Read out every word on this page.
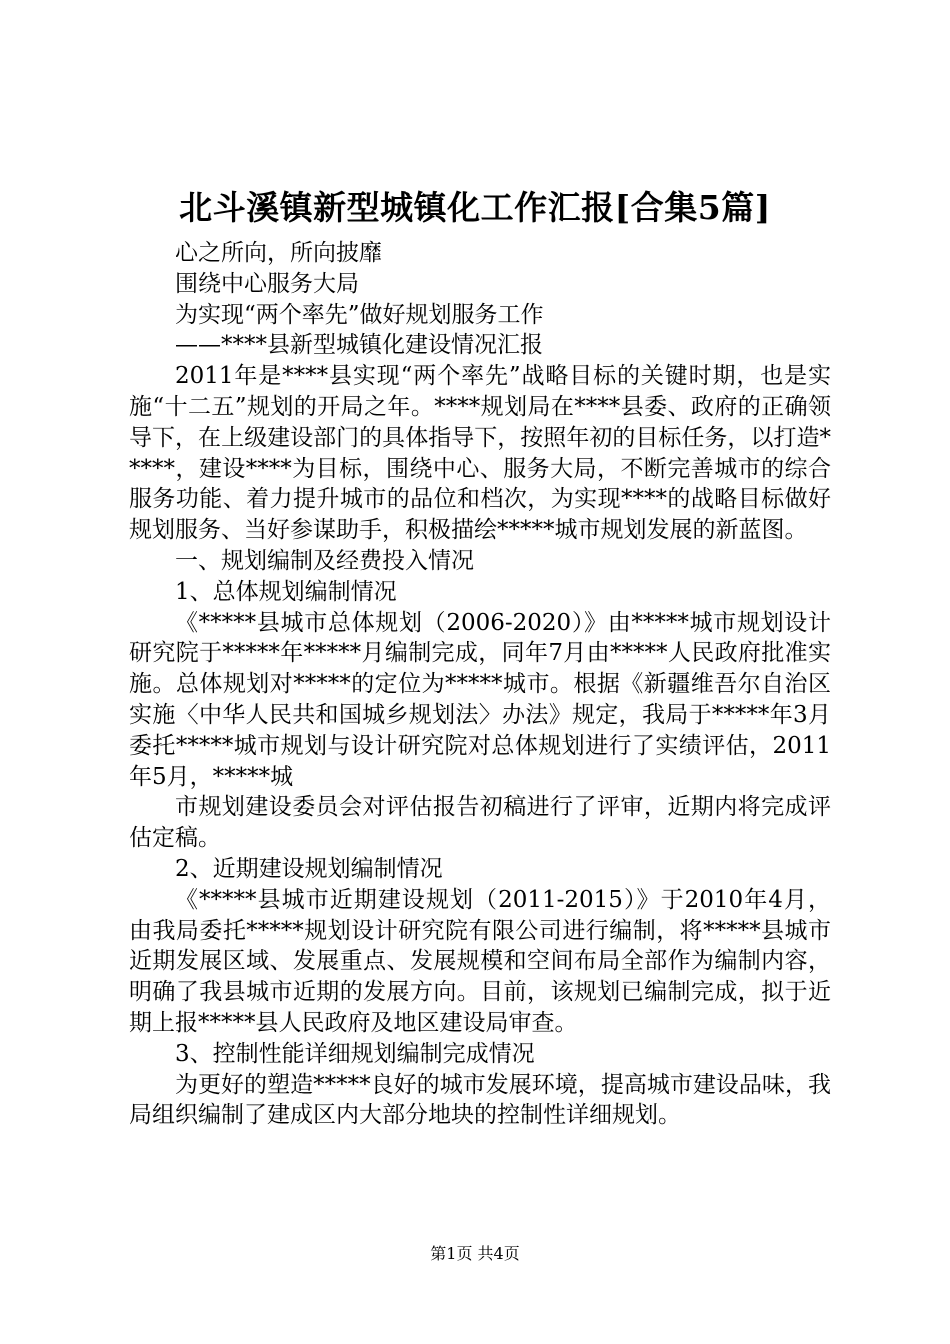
北斗溪镇新型城镇化工作汇报[合集5篇]

心之所向，所向披靡

围绕中心服务大局

为实现“两个率先”做好规划服务工作

——****县新型城镇化建设情况汇报

2011年是****县实现“两个率先”战略目标的关键时期，也是实施“十二五”规划的开局之年。****规划局在****县委、政府的正确领导下，在上级建设部门的具体指导下，按照年初的目标任务，以打造*****，建设****为目标，围绕中心、服务大局，不断完善城市的综合服务功能、着力提升城市的品位和档次，为实现****的战略目标做好规划服务、当好参谋助手，积极描绘*****城市规划发展的新蓝图。

一、规划编制及经费投入情况

1、总体规划编制情况

《*****县城市总体规划（2006-2020）》由*****城市规划设计研究院于*****年*****月编制完成，同年7月由*****人民政府批准实施。总体规划对*****的定位为*****城市。根据《新疆维吾尔自治区实施〈中华人民共和国城乡规划法〉办法》规定，我局于*****年3月委托*****城市规划与设计研究院对总体规划进行了实绩评估，2011年5月，*****城

市规划建设委员会对评估报告初稿进行了评审，近期内将完成评估定稿。

2、近期建设规划编制情况

《*****县城市近期建设规划（2011-2015）》于2010年4月，由我局委托*****规划设计研究院有限公司进行编制，将*****县城市近期发展区域、发展重点、发展规模和空间布局全部作为编制内容，明确了我县城市近期的发展方向。目前，该规划已编制完成，拟于近期上报*****县人民政府及地区建设局审查。

3、控制性能详细规划编制完成情况

为更好的塑造*****良好的城市发展环境，提高城市建设品味，我局组织编制了建成区内大部分地块的控制性详细规划。

第1页 共4页
